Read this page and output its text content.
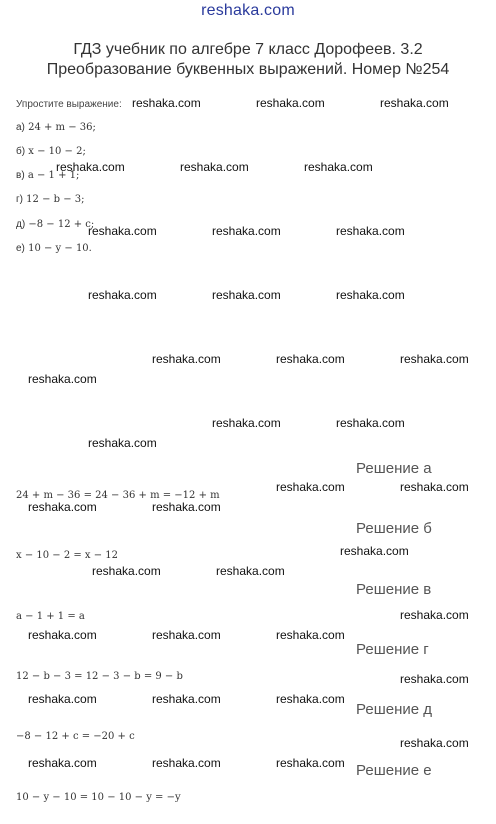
reshaka.com
ГДЗ учебник по алгебре 7 класс Дорофеев. 3.2
Преобразование буквенных выражений. Номер №254
Упростите выражение:
а) 24 + m − 36;
б) x − 10 − 2;
в) a − 1 + 1;
г) 12 − b − 3;
д) −8 − 12 + c;
е) 10 − y − 10.
reshaka.com	reshaka.com	reshaka.com
reshaka.com	reshaka.com	reshaka.com
reshaka.com	reshaka.com	reshaka.com
reshaka.com	reshaka.com	reshaka.com
reshaka.com	reshaka.com	reshaka.com
reshaka.com
reshaka.com	reshaka.com
reshaka.com
reshaka.com	reshaka.com
reshaka.com	reshaka.com
reshaka.com
reshaka.com	reshaka.com
reshaka.com
reshaka.com	reshaka.com	reshaka.com
reshaka.com
reshaka.com	reshaka.com	reshaka.com
reshaka.com
reshaka.com	reshaka.com	reshaka.com
Решение а
24 + m − 36 = 24 − 36 + m = −12 + m
Решение б
x − 10 − 2 = x − 12
Решение в
a − 1 + 1 = a
Решение г
12 − b − 3 = 12 − 3 − b = 9 − b
Решение д
−8 − 12 + c = −20 + c
Решение е
10 − y − 10 = 10 − 10 − y = −y
